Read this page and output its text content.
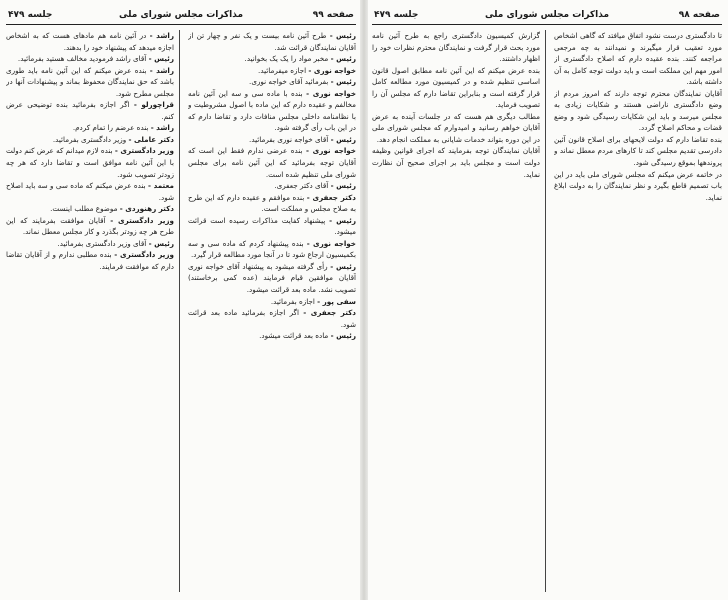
صفحه ۹۹
مذاکرات مجلس شورای ملی
جلسه ۴۷۹

رئیس - طرح آئین نامه بیست و یک نفر و چهار تن از آقایان نمایندگان قرائت شد.

رئیس - مخبر مواد را یک یک بخوانید.

خواجه نوری - اجازه میفرمائید.

رئیس - بفرمائید آقای خواجه نوری.

خواجه نوری - بنده با ماده سی و سه این آئین نامه مخالفم و عقیده دارم که این ماده با اصول مشروطیت و با نظامنامه داخلی مجلس منافات دارد و تقاضا دارم که در این باب رأی گرفته شود.

رئیس - آقای خواجه نوری بفرمائید.

خواجه نوری - بنده عرضی ندارم فقط این است که آقایان توجه بفرمائید که این آئین نامه برای مجلس شورای ملی تنظیم شده است.

رئیس - آقای دکتر جعفری.

دکتر جعفری - بنده موافقم و عقیده دارم که این طرح به صلاح مجلس و مملکت است.

رئیس - پیشنهاد کفایت مذاکرات رسیده است قرائت میشود.

خواجه نوری - بنده پیشنهاد کردم که ماده سی و سه بکمیسیون ارجاع شود تا در آنجا مورد مطالعه قرار گیرد.

رئیس - رأی گرفته میشود به پیشنهاد آقای خواجه نوری آقایان موافقین قیام فرمایند (عده کمی برخاستند) تصویب نشد. ماده بعد قرائت میشود.

سفی پور - اجازه بفرمائید.

دکتر جعفری - اگر اجازه بفرمائید ماده بعد قرائت شود.

رئیس - ماده بعد قرائت میشود.

راشد - در آئین نامه هم مادهای هست که به اشخاص اجازه میدهد که پیشنهاد خود را بدهند.

رئیس - آقای راشد فرمودید مخالف هستید بفرمائید.

راشد - بنده عرض میکنم که این آئین نامه باید طوری باشد که حق نمایندگان محفوظ بماند و پیشنهادات آنها در مجلس مطرح شود.

قراچورلو - اگر اجازه بفرمائید بنده توضیحی عرض کنم.

راشد - بنده عرضم را تمام کردم.

دکتر عاملی - وزیر دادگستری بفرمائید.

وزیر دادگستری - بنده لازم میدانم که عرض کنم دولت با این آئین نامه موافق است و تقاضا دارد که هر چه زودتر تصویب شود.

معتمد - بنده عرض میکنم که ماده سی و سه باید اصلاح شود.

دکتر رهنوردی - موضوع مطلب اینست.

وزیر دادگستری - آقایان موافقت بفرمایند که این طرح هر چه زودتر بگذرد و کار مجلس معطل نماند.

رئیس - آقای وزیر دادگستری بفرمائید.

وزیر دادگستری - بنده مطلبی ندارم و از آقایان تقاضا دارم که موافقت فرمایند.

صفحه ۹۸
مذاکرات مجلس شورای ملی
جلسه ۴۷۹

تا دادگستری درست نشود اتفاق میافتد که گاهی اشخاص مورد تعقیب قرار میگیرند و نمیدانند به چه مرجعی مراجعه کنند. بنده عقیده دارم که اصلاح دادگستری از امور مهم این مملکت است و باید دولت توجه کامل به آن داشته باشد.

آقایان نمایندگان محترم توجه دارند که امروز مردم از وضع دادگستری ناراضی هستند و شکایات زیادی به مجلس میرسد و باید این شکایات رسیدگی شود و وضع قضات و محاکم اصلاح گردد.

بنده تقاضا دارم که دولت لایحهای برای اصلاح قانون آئین دادرسی تقدیم مجلس کند تا کارهای مردم معطل نماند و پروندهها بموقع رسیدگی شود.

در خاتمه عرض میکنم که مجلس شورای ملی باید در این باب تصمیم قاطع بگیرد و نظر نمایندگان را به دولت ابلاغ نماید.

گزارش کمیسیون دادگستری راجع به طرح آئین نامه مورد بحث قرار گرفت و نمایندگان محترم نظرات خود را اظهار داشتند.

بنده عرض میکنم که این آئین نامه مطابق اصول قانون اساسی تنظیم شده و در کمیسیون مورد مطالعه کامل قرار گرفته است و بنابراین تقاضا دارم که مجلس آن را تصویب فرماید.

مطالب دیگری هم هست که در جلسات آینده به عرض آقایان خواهم رسانید و امیدوارم که مجلس شورای ملی در این دوره بتواند خدمات شایانی به مملکت انجام دهد.

آقایان نمایندگان توجه بفرمایند که اجرای قوانین وظیفه دولت است و مجلس باید بر اجرای صحیح آن نظارت نماید.
